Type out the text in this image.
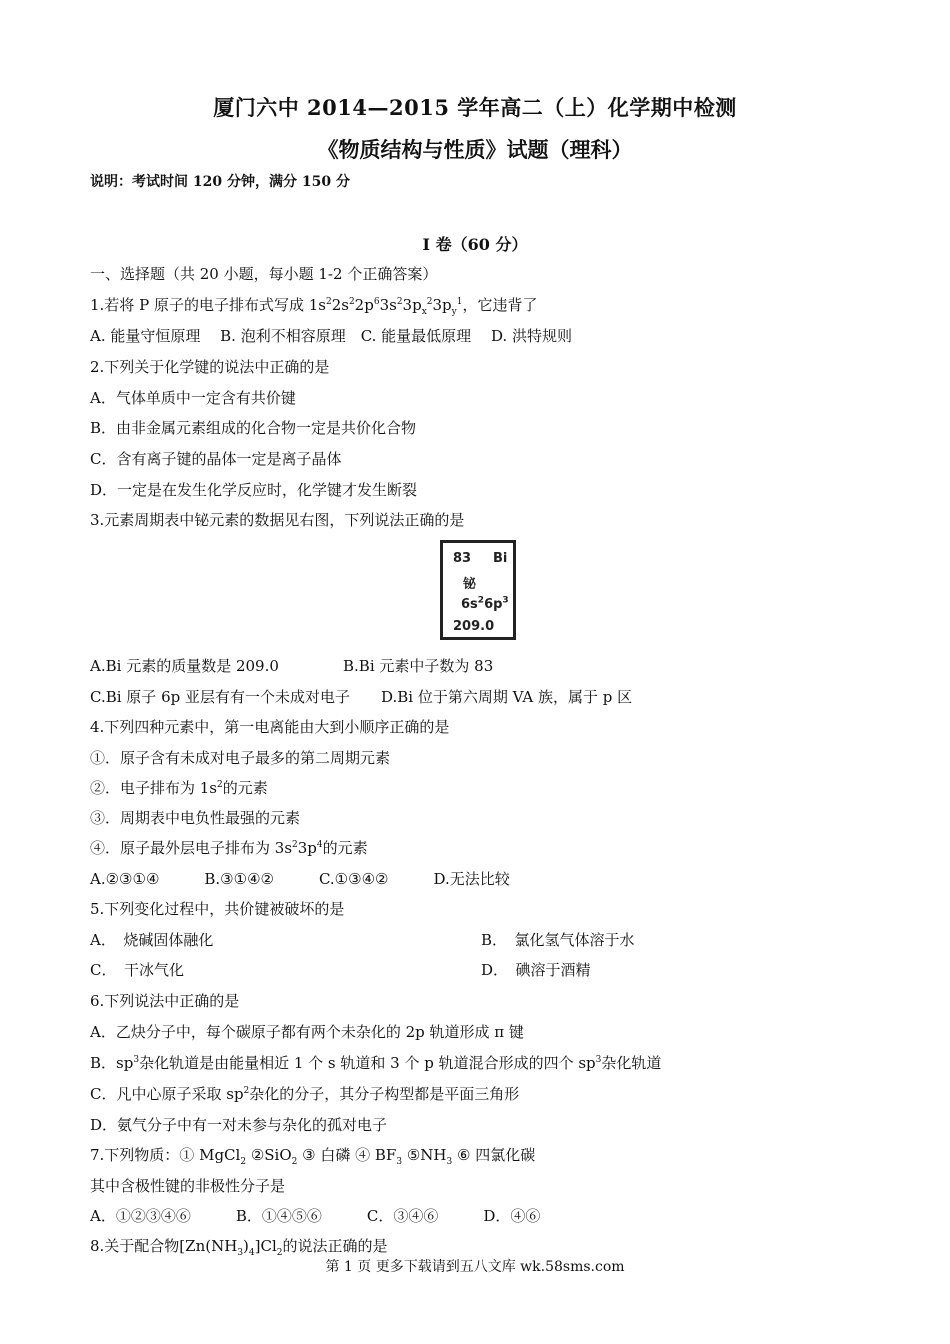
厦门六中 2014—2015 学年高二（上）化学期中检测
《物质结构与性质》试题（理科）
说明：考试时间 120 分钟，满分 150 分
I 卷（60 分）
一、选择题（共 20 小题，每小题 1-2 个正确答案）
1.若将 P 原子的电子排布式写成 $1s^22s^22p^63s^23p_x^23p_y^1$，它违背了
A. 能量守恒原理　 B. 泡利不相容原理　C. 能量最低原理　 D. 洪特规则
2.下列关于化学键的说法中正确的是
A．气体单质中一定含有共价键
B．由非金属元素组成的化合物一定是共价化合物
C．含有离子键的晶体一定是离子晶体
D．一定是在发生化学反应时，化学键才发生断裂
3.元素周期表中铋元素的数据见右图，下列说法正确的是
83 Bi
铋
$6s^26p^3$
209.0
A.Bi 元素的质量数是 209.0	B.Bi 元素中子数为 83
C.Bi 原子 6p 亚层有有一个未成对电子 D.Bi 位于第六周期 VA 族，属于 p 区
4.下列四种元素中，第一电离能由大到小顺序正确的是
①．原子含有未成对电子最多的第二周期元素
②．电子排布为 $1s^2$的元素
③．周期表中电负性最强的元素
④．原子最外层电子排布为 $3s^23p^4$的元素
A.②③①④　　　B.③①④②　　　C.①③④②　　　D.无法比较
5.下列变化过程中，共价键被破坏的是
A．　烧碱固体融化	B．　氯化氢气体溶于水
C．　干冰气化	D．　碘溶于酒精
6.下列说法中正确的是
A．乙炔分子中，每个碳原子都有两个未杂化的 2p 轨道形成 π 键
B．$sp^3$杂化轨道是由能量相近 1 个 s 轨道和 3 个 p 轨道混合形成的四个 $sp^3$杂化轨道
C．凡中心原子采取 $sp^2$杂化的分子，其分子构型都是平面三角形
D．氨气分子中有一对未参与杂化的孤对电子
7.下列物质：① MgCl$_2$ ②SiO$_2$ ③ 白磷 ④ $BF_3$ $⑤NH_3$ ⑥ 四氯化碳
其中含极性键的非极性分子是
A．①②③④⑥　　　B．①④⑤⑥　　　C．③④⑥　　　D．④⑥
8.关于配合物$[Zn(NH_3)_4]Cl_2$的说法正确的是
第 1 页 更多下载请到五八文库 wk.58sms.com
